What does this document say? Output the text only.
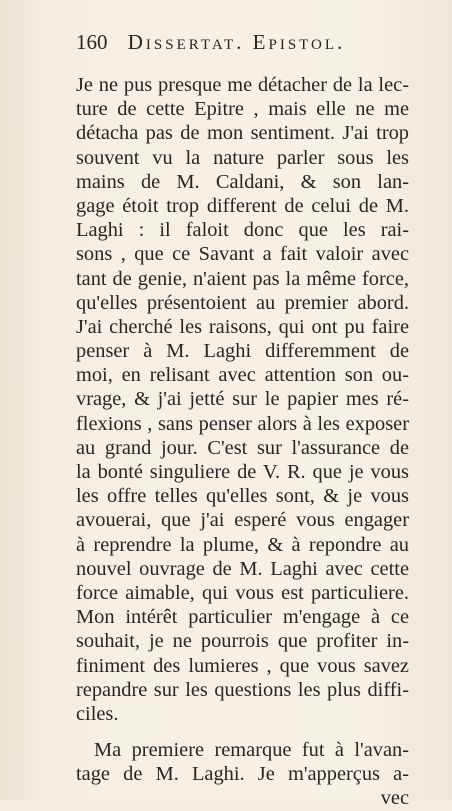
160 Dissertat. Epistol.
Je ne pus presque me détacher de la lec-
ture de cette Epitre , mais elle ne me
détacha pas de mon sentiment. J'ai trop
souvent vu la nature parler sous les
mains de M. Caldani, & son lan-
gage étoit trop different de celui de M.
Laghi : il faloit donc que les rai-
sons , que ce Savant a fait valoir avec
tant de genie, n'aient pas la même force,
qu'elles présentoient au premier abord.
J'ai cherché les raisons, qui ont pu faire
penser à M. Laghi differemment de
moi, en relisant avec attention son ou-
vrage, & j'ai jetté sur le papier mes ré-
flexions , sans penser alors à les exposer
au grand jour. C'est sur l'assurance de
la bonté singuliere de V. R. que je vous
les offre telles qu'elles sont, & je vous
avouerai, que j'ai esperé vous engager
à reprendre la plume, & à repondre au
nouvel ouvrage de M. Laghi avec cette
force aimable, qui vous est particuliere.
Mon intérêt particulier m'engage à ce
souhait, je ne pourrois que profiter in-
finiment des lumieres , que vous savez
repandre sur les questions les plus diffi-
ciles.
Ma premiere remarque fut à l'avan-
tage de M. Laghi. Je m'apperçus a-
vec
